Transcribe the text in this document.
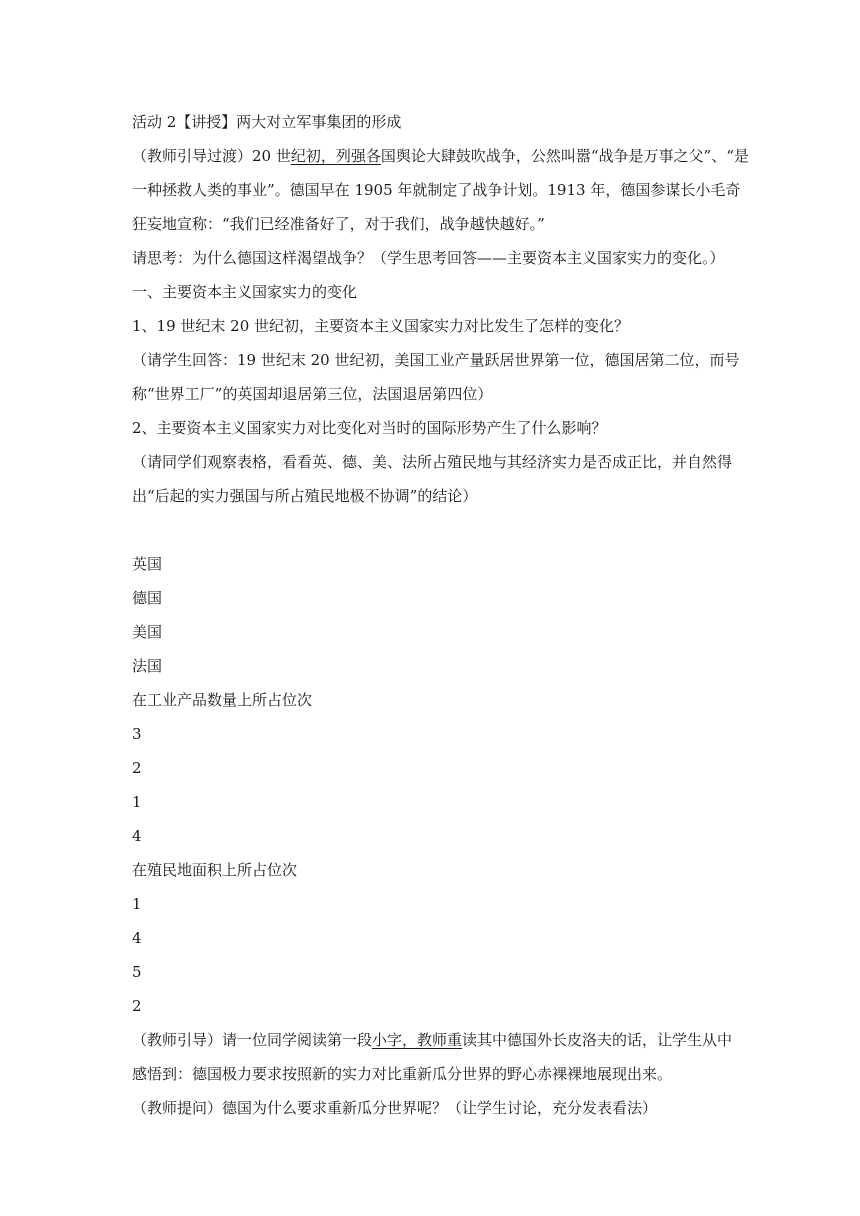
活动 2【讲授】两大对立军事集团的形成
（教师引导过渡）20 世纪初，列强各国舆论大肆鼓吹战争，公然叫嚣“战争是万事之父”、“是
一种拯救人类的事业”。德国早在 1905 年就制定了战争计划。1913 年，德国参谋长小毛奇
狂妄地宣称：“我们已经准备好了，对于我们，战争越快越好。”
请思考：为什么德国这样渴望战争？（学生思考回答——主要资本主义国家实力的变化。）
一、主要资本主义国家实力的变化
1、19 世纪末 20 世纪初，主要资本主义国家实力对比发生了怎样的变化？
（请学生回答：19 世纪末 20 世纪初，美国工业产量跃居世界第一位，德国居第二位，而号
称“世界工厂”的英国却退居第三位，法国退居第四位）
2、主要资本主义国家实力对比变化对当时的国际形势产生了什么影响？
（请同学们观察表格，看看英、德、美、法所占殖民地与其经济实力是否成正比，并自然得
出“后起的实力强国与所占殖民地极不协调”的结论）
英国
德国
美国
法国
在工业产品数量上所占位次
3
2
1
4
在殖民地面积上所占位次
1
4
5
2
（教师引导）请一位同学阅读第一段小字，教师重读其中德国外长皮洛夫的话，让学生从中
感悟到：德国极力要求按照新的实力对比重新瓜分世界的野心赤裸裸地展现出来。
（教师提问）德国为什么要求重新瓜分世界呢？（让学生讨论，充分发表看法）
